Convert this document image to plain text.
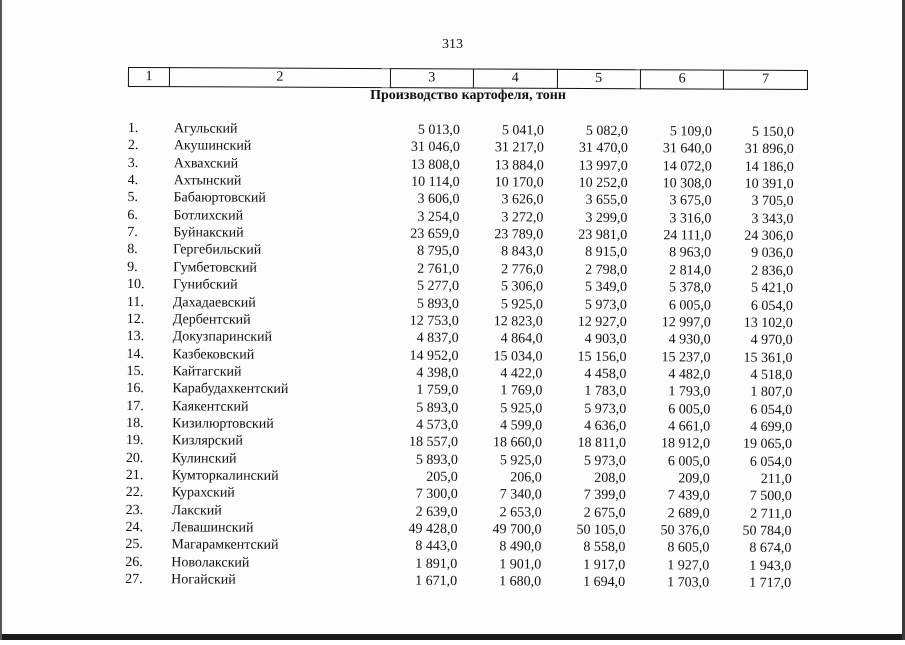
313
1	2	3	4	5	6	7
Производство картофеля, тонн
1.	Агульский	5 013,0	5 041,0	5 082,0	5 109,0	5 150,0
2.	Акушинский	31 046,0	31 217,0	31 470,0	31 640,0	31 896,0
3.	Ахвахский	13 808,0	13 884,0	13 997,0	14 072,0	14 186,0
4.	Ахтынский	10 114,0	10 170,0	10 252,0	10 308,0	10 391,0
5.	Бабаюртовский	3 606,0	3 626,0	3 655,0	3 675,0	3 705,0
6.	Ботлихский	3 254,0	3 272,0	3 299,0	3 316,0	3 343,0
7.	Буйнакский	23 659,0	23 789,0	23 981,0	24 111,0	24 306,0
8.	Гергебильский	8 795,0	8 843,0	8 915,0	8 963,0	9 036,0
9.	Гумбетовский	2 761,0	2 776,0	2 798,0	2 814,0	2 836,0
10.	Гунибский	5 277,0	5 306,0	5 349,0	5 378,0	5 421,0
11.	Дахадаевский	5 893,0	5 925,0	5 973,0	6 005,0	6 054,0
12.	Дербентский	12 753,0	12 823,0	12 927,0	12 997,0	13 102,0
13.	Докузпаринский	4 837,0	4 864,0	4 903,0	4 930,0	4 970,0
14.	Казбековский	14 952,0	15 034,0	15 156,0	15 237,0	15 361,0
15.	Кайтагский	4 398,0	4 422,0	4 458,0	4 482,0	4 518,0
16.	Карабудахкентский	1 759,0	1 769,0	1 783,0	1 793,0	1 807,0
17.	Каякентский	5 893,0	5 925,0	5 973,0	6 005,0	6 054,0
18.	Кизилюртовский	4 573,0	4 599,0	4 636,0	4 661,0	4 699,0
19.	Кизлярский	18 557,0	18 660,0	18 811,0	18 912,0	19 065,0
20.	Кулинский	5 893,0	5 925,0	5 973,0	6 005,0	6 054,0
21.	Кумторкалинский	205,0	206,0	208,0	209,0	211,0
22.	Курахский	7 300,0	7 340,0	7 399,0	7 439,0	7 500,0
23.	Лакский	2 639,0	2 653,0	2 675,0	2 689,0	2 711,0
24.	Левашинский	49 428,0	49 700,0	50 105,0	50 376,0	50 784,0
25.	Магарамкентский	8 443,0	8 490,0	8 558,0	8 605,0	8 674,0
26.	Новолакский	1 891,0	1 901,0	1 917,0	1 927,0	1 943,0
27.	Ногайский	1 671,0	1 680,0	1 694,0	1 703,0	1 717,0
